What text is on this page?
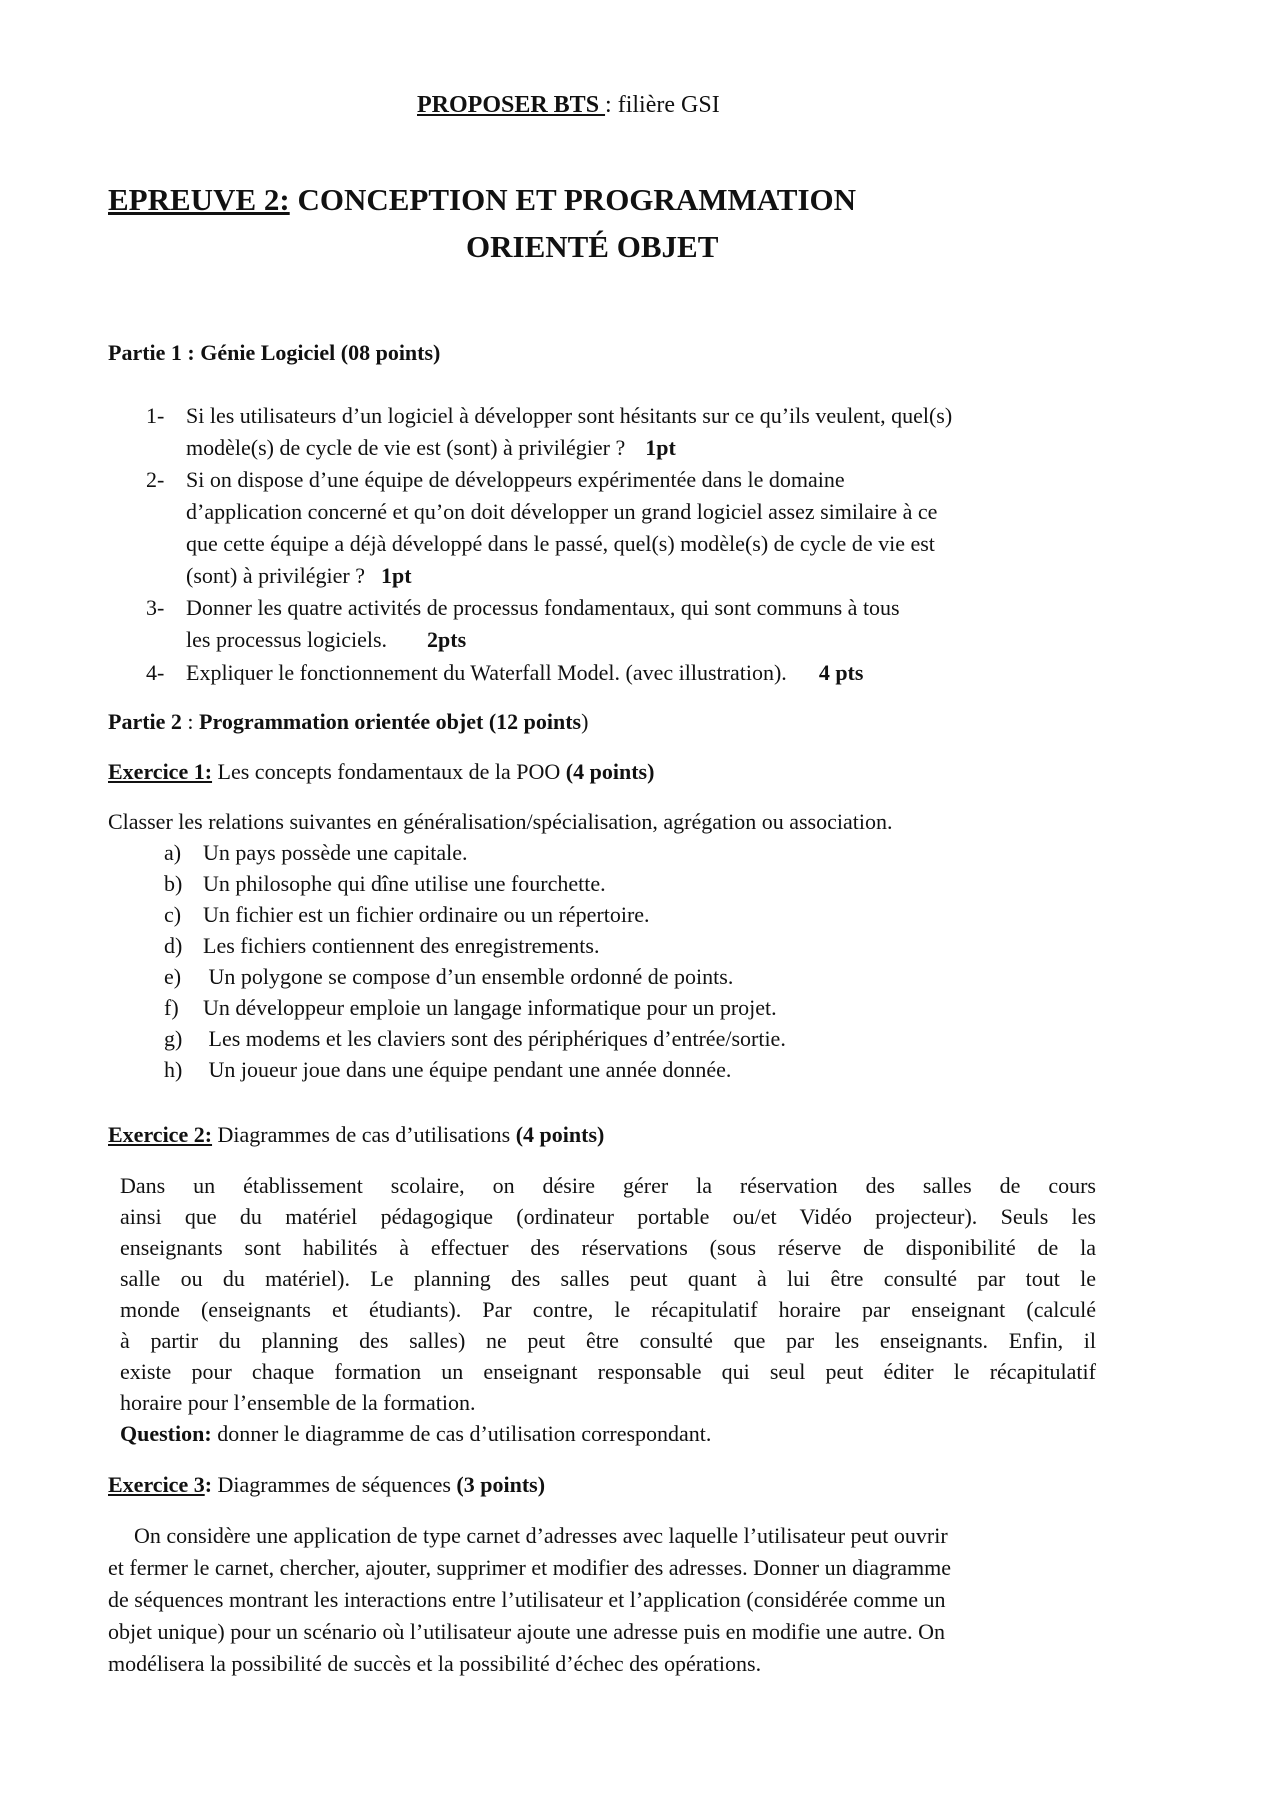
PROPOSER BTS : filière GSI
EPREUVE 2: CONCEPTION ET PROGRAMMATION
ORIENTÉ OBJET
Partie 1 : Génie Logiciel (08 points)
1- Si les utilisateurs d’un logiciel à développer sont hésitants sur ce qu’ils veulent, quel(s)
modèle(s) de cycle de vie est (sont) à privilégier ? 1pt
2- Si on dispose d’une équipe de développeurs expérimentée dans le domaine
d’application concerné et qu’on doit développer un grand logiciel assez similaire à ce
que cette équipe a déjà développé dans le passé, quel(s) modèle(s) de cycle de vie est
(sont) à privilégier ? 1pt
3- Donner les quatre activités de processus fondamentaux, qui sont communs à tous
les processus logiciels. 2pts
4- Expliquer le fonctionnement du Waterfall Model. (avec illustration). 4 pts
Partie 2 : Programmation orientée objet (12 points)
Exercice 1: Les concepts fondamentaux de la POO (4 points)
Classer les relations suivantes en généralisation/spécialisation, agrégation ou association.
a) Un pays possède une capitale.
b) Un philosophe qui dîne utilise une fourchette.
c) Un fichier est un fichier ordinaire ou un répertoire.
d) Les fichiers contiennent des enregistrements.
e) Un polygone se compose d’un ensemble ordonné de points.
f) Un développeur emploie un langage informatique pour un projet.
g) Les modems et les claviers sont des périphériques d’entrée/sortie.
h) Un joueur joue dans une équipe pendant une année donnée.
Exercice 2: Diagrammes de cas d’utilisations (4 points)
Dans un établissement scolaire, on désire gérer la réservation des salles de cours
ainsi que du matériel pédagogique (ordinateur portable ou/et Vidéo projecteur). Seuls les
enseignants sont habilités à effectuer des réservations (sous réserve de disponibilité de la
salle ou du matériel). Le planning des salles peut quant à lui être consulté par tout le
monde (enseignants et étudiants). Par contre, le récapitulatif horaire par enseignant (calculé
à partir du planning des salles) ne peut être consulté que par les enseignants. Enfin, il
existe pour chaque formation un enseignant responsable qui seul peut éditer le récapitulatif
horaire pour l’ensemble de la formation.
Question: donner le diagramme de cas d’utilisation correspondant.
Exercice 3: Diagrammes de séquences (3 points)
On considère une application de type carnet d’adresses avec laquelle l’utilisateur peut ouvrir
et fermer le carnet, chercher, ajouter, supprimer et modifier des adresses. Donner un diagramme
de séquences montrant les interactions entre l’utilisateur et l’application (considérée comme un
objet unique) pour un scénario où l’utilisateur ajoute une adresse puis en modifie une autre. On
modélisera la possibilité de succès et la possibilité d’échec des opérations.
